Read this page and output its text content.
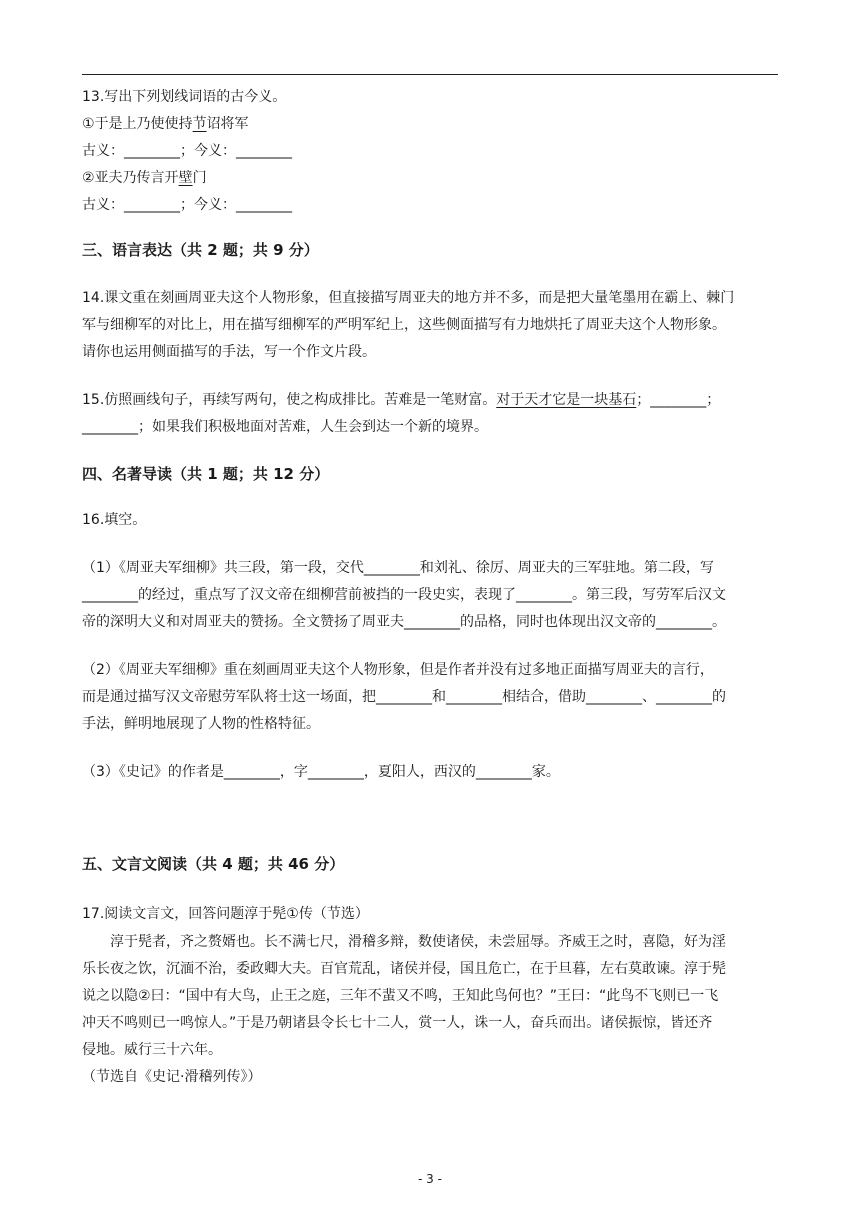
13.写出下列划线词语的古今义。
①于是上乃使使持节诏将军
古义：________；今义：________
②亚夫乃传言开壁门
古义：________；今义：________
三、语言表达（共 2 题；共 9 分）
14.课文重在刻画周亚夫这个人物形象，但直接描写周亚夫的地方并不多，而是把大量笔墨用在霸上、棘门
军与细柳军的对比上，用在描写细柳军的严明军纪上，这些侧面描写有力地烘托了周亚夫这个人物形象。
请你也运用侧面描写的手法，写一个作文片段。
15.仿照画线句子，再续写两句，使之构成排比。苦难是一笔财富。对于天才它是一块基石；________；
________；如果我们积极地面对苦难，人生会到达一个新的境界。
四、名著导读（共 1 题；共 12 分）
16.填空。
（1）《周亚夫军细柳》共三段，第一段，交代________和刘礼、徐厉、周亚夫的三军驻地。第二段，写
________的经过，重点写了汉文帝在细柳营前被挡的一段史实，表现了________。第三段，写劳军后汉文
帝的深明大义和对周亚夫的赞扬。全文赞扬了周亚夫________的品格，同时也体现出汉文帝的________。
（2）《周亚夫军细柳》重在刻画周亚夫这个人物形象，但是作者并没有过多地正面描写周亚夫的言行，
而是通过描写汉文帝慰劳军队将士这一场面，把________和________相结合，借助________、________的
手法，鲜明地展现了人物的性格特征。
（3）《史记》的作者是________，字________，夏阳人，西汉的________家。
五、文言文阅读（共 4 题；共 46 分）
17.阅读文言文，回答问题淳于髡①传（节选）
淳于髡者，齐之赘婿也。长不满七尺，滑稽多辩，数使诸侯，未尝屈辱。齐威王之时，喜隐，好为淫
乐长夜之饮，沉湎不治，委政卿大夫。百官荒乱，诸侯并侵，国且危亡，在于旦暮，左右莫敢谏。淳于髡
说之以隐②曰：“国中有大鸟，止王之庭，三年不蜚又不鸣，王知此鸟何也？”王曰：“此鸟不飞则已一飞
冲天不鸣则已一鸣惊人。”于是乃朝诸县令长七十二人，赏一人，诛一人，奋兵而出。诸侯振惊，皆还齐
侵地。威行三十六年。
（节选自《史记·滑稽列传》）
- 3 -
